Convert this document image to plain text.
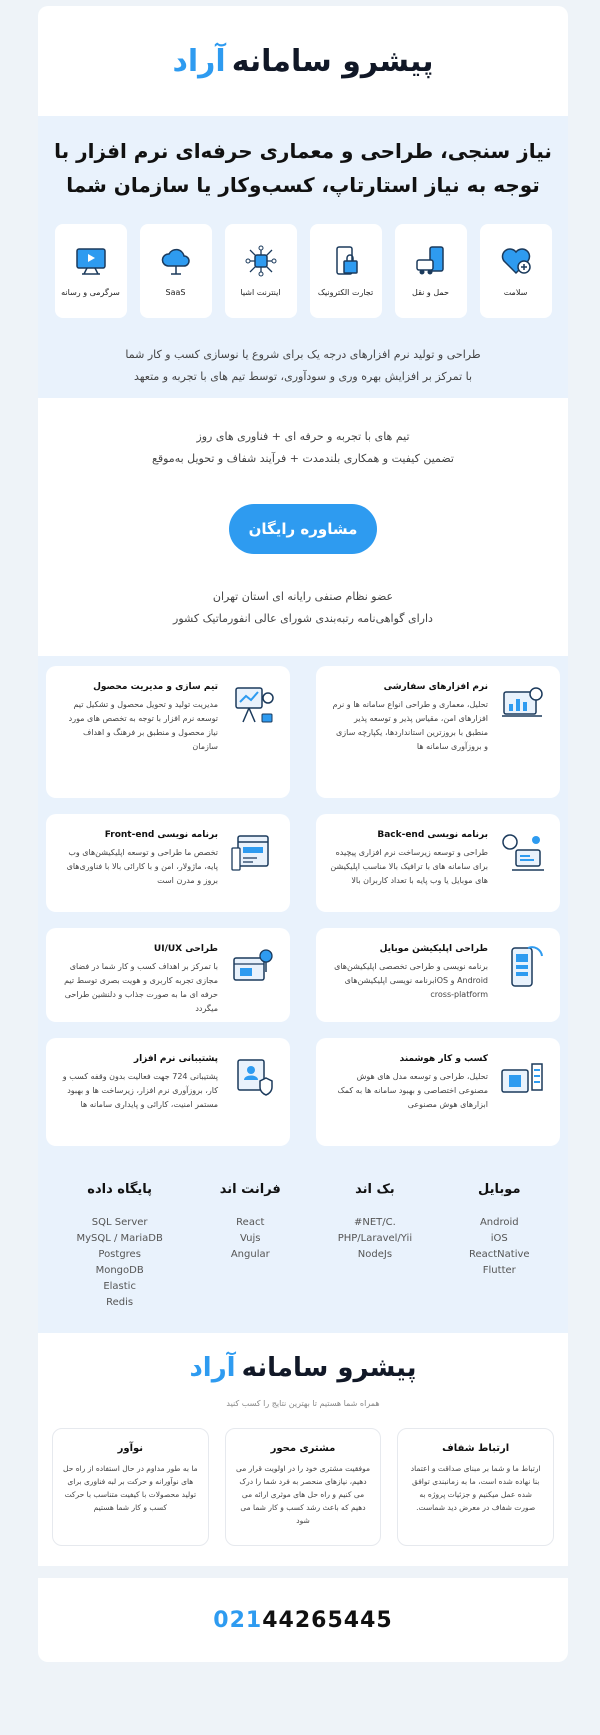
پیشرو سامانه
آراد
نیاز سنجی، طراحی و معماری حرفه‌ای نرم افزار با
توجه به نیاز استارتاپ، کسب‌وکار یا سازمان شما
سلامت
حمل و نقل
تجارت الکترونیک
اینترنت اشیا
SaaS
سرگرمی و رسانه

طراحی و تولید نرم افزارهای درجه یک برای شروع یا نوسازی کسب و کار شما
با تمرکز بر افزایش بهره وری و سودآوری، توسط تیم های با تجربه و متعهد

تیم های با تجربه و حرفه ای + فناوری های روز
تضمین کیفیت و همکاری بلندمدت + فرآیند شفاف و تحویل به‌موقع

مشاوره رایگان

عضو نظام صنفی رایانه ای استان تهران
دارای گواهی‌نامه رتبه‌بندی شورای عالی انفورماتیک کشور

نرم افزارهای سفارشی

تحلیل، معماری و طراحی انواع سامانه ها و نرم افزارهای امن، مقیاس پذیر و توسعه پذیر منطبق با بروزترین استانداردها، یکپارچه سازی و بروزآوری سامانه ها

تیم سازی و مدیریت محصول

مدیریت تولید و تحویل محصول و تشکیل تیم توسعه نرم افزار با توجه به تخصص های مورد نیاز محصول و منطبق بر فرهنگ و اهداف سازمان

برنامه نویسی Back-end

طراحی و توسعه زیرساخت نرم افزاری پیچیده برای سامانه های با ترافیک بالا مناسب اپلیکیشن های موبایل یا وب پایه با تعداد کاربران بالا

برنامه نویسی Front-end

تخصص ما طراحی و توسعه اپلیکیشن‌های وب پایه، ماژولار، امن و با کارائی بالا با فناوری‌های بروز و مدرن است

طراحی اپلیکیشن موبایل

برنامه نویسی و طراحی تخصصی اپلیکیشن‌های Android و iOSبرنامه نویسی اپلیکیشن‌های cross-platform

طراحی UI/UX

با تمرکز بر اهداف کسب و کار شما در فضای مجازی تجربه کاربری و هویت بصری توسط تیم حرفه ای ما به صورت جذاب و دلنشین طراحی میگردد

کسب و کار هوشمند

تحلیل، طراحی و توسعه مدل های هوش مصنوعی اختصاصی و بهبود سامانه ها به کمک ابزارهای هوش مصنوعی

پشتیبانی نرم افزار

پشتیبانی 724 جهت فعالیت بدون وقفه کسب و کار، بروزآوری نرم افزار، زیرساخت ها و بهبود مستمر امنیت، کارائی و پایداری سامانه ها

موبایل
Android
iOS
ReactNative
Flutter
بک اند
.NET/C#
PHP/Laravel/Yii
NodeJs
فرانت اند
React
Vujs
Angular
پایگاه داده
SQL Server
MySQL / MariaDB
Postgres
MongoDB
Elastic
Redis
پیشرو سامانه
آراد
همراه شما هستیم تا بهترین نتایج را کسب کنید
ارتباط شفاف

ارتباط ما و شما بر مبنای صداقت و اعتماد بنا نهاده شده است، ما به زمانبندی توافق شده عمل میکنیم و جزئیات پروژه به صورت شفاف در معرض دید شماست.

مشتری محور

موفقیت مشتری خود را در اولویت قرار می دهیم، نیازهای منحصر به فرد شما را درک می کنیم و راه حل های موثری ارائه می دهیم که باعث رشد کسب و کار شما می شود

نوآور

ما به طور مداوم در حال استفاده از راه حل های نوآورانه و حرکت بر لبه فناوری برای تولید محصولات با کیفیت متناسب با حرکت کسب و کار شما هستیم

021 44265445
